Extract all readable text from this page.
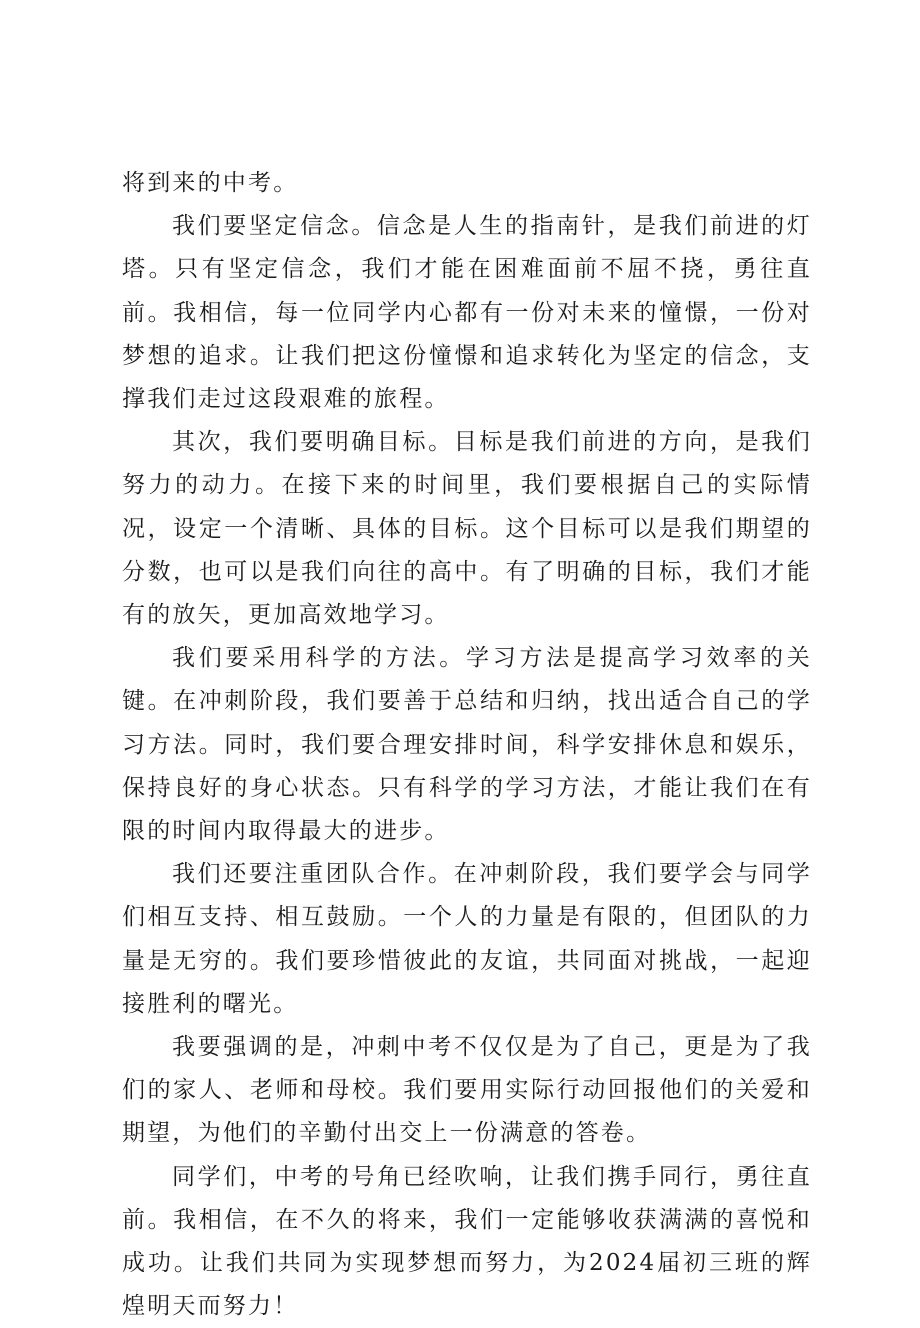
将到来的中考。

我们要坚定信念。信念是人生的指南针，是我们前进的灯塔。只有坚定信念，我们才能在困难面前不屈不挠，勇往直前。我相信，每一位同学内心都有一份对未来的憧憬，一份对梦想的追求。让我们把这份憧憬和追求转化为坚定的信念，支撑我们走过这段艰难的旅程。

其次，我们要明确目标。目标是我们前进的方向，是我们努力的动力。在接下来的时间里，我们要根据自己的实际情况，设定一个清晰、具体的目标。这个目标可以是我们期望的分数，也可以是我们向往的高中。有了明确的目标，我们才能有的放矢，更加高效地学习。

我们要采用科学的方法。学习方法是提高学习效率的关键。在冲刺阶段，我们要善于总结和归纳，找出适合自己的学习方法。同时，我们要合理安排时间，科学安排休息和娱乐，保持良好的身心状态。只有科学的学习方法，才能让我们在有限的时间内取得最大的进步。

我们还要注重团队合作。在冲刺阶段，我们要学会与同学们相互支持、相互鼓励。一个人的力量是有限的，但团队的力量是无穷的。我们要珍惜彼此的友谊，共同面对挑战，一起迎接胜利的曙光。

我要强调的是，冲刺中考不仅仅是为了自己，更是为了我们的家人、老师和母校。我们要用实际行动回报他们的关爱和期望，为他们的辛勤付出交上一份满意的答卷。

同学们，中考的号角已经吹响，让我们携手同行，勇往直前。我相信，在不久的将来，我们一定能够收获满满的喜悦和成功。让我们共同为实现梦想而努力，为2024届初三班的辉煌明天而努力！
